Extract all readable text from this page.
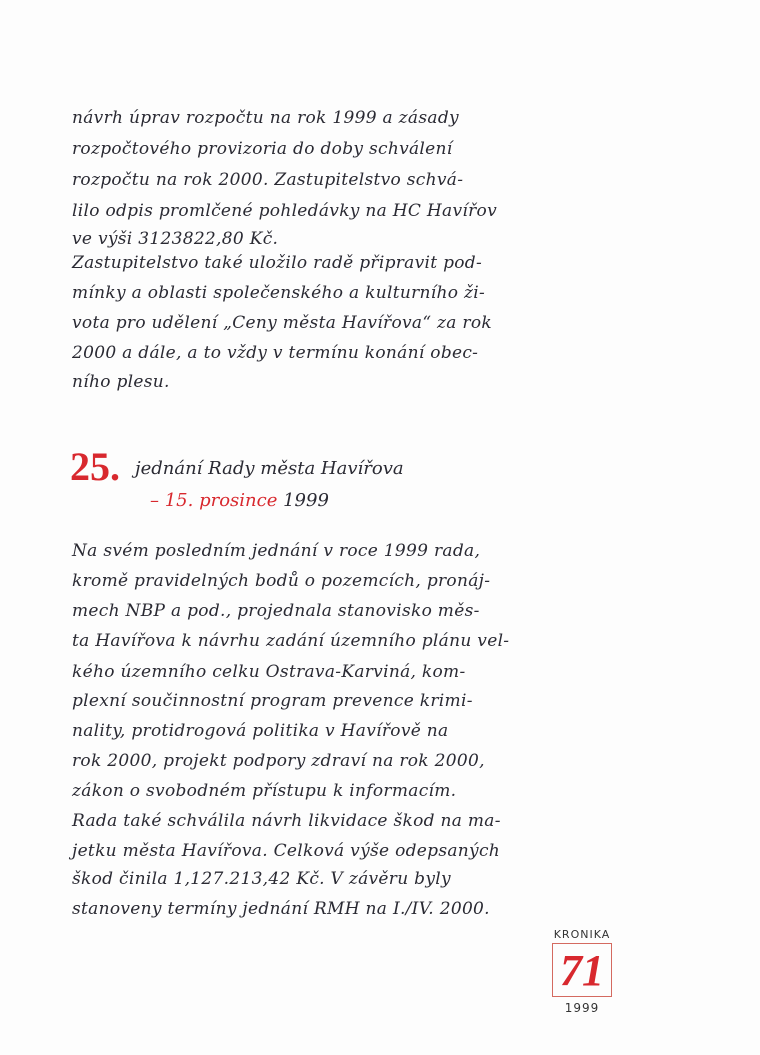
návrh úprav rozpočtu na rok 1999 a zásady
rozpočtového provizoria do doby schválení
rozpočtu na rok 2000. Zastupitelstvo schvá-
lilo odpis promlčené pohledávky na HC Havířov
ve výši 3123822,80 Kč.
Zastupitelstvo také uložilo radě připravit pod-
mínky a oblasti společenského a kulturního ži-
vota pro udělení „Ceny města Havířova“ za rok
2000 a dále, a to vždy v termínu konání obec-
ního plesu.
25. jednání Rady města Havířova
– 15. prosince 1999
Na svém posledním jednání v roce 1999 rada,
kromě pravidelných bodů o pozemcích, pronáj-
mech NBP a pod., projednala stanovisko měs-
ta Havířova k návrhu zadání územního plánu vel-
kého územního celku Ostrava-Karviná, kom-
plexní součinnostní program prevence krimi-
nality, protidrogová politika v Havířově na
rok 2000, projekt podpory zdraví na rok 2000,
zákon o svobodném přístupu k informacím.
Rada také schválila návrh likvidace škod na ma-
jetku města Havířova. Celková výše odepsaných
škod činila 1,127.213,42 Kč. V závěru byly
stanoveny termíny jednání RMH na I./IV. 2000.
KRONIKA
71
1999
